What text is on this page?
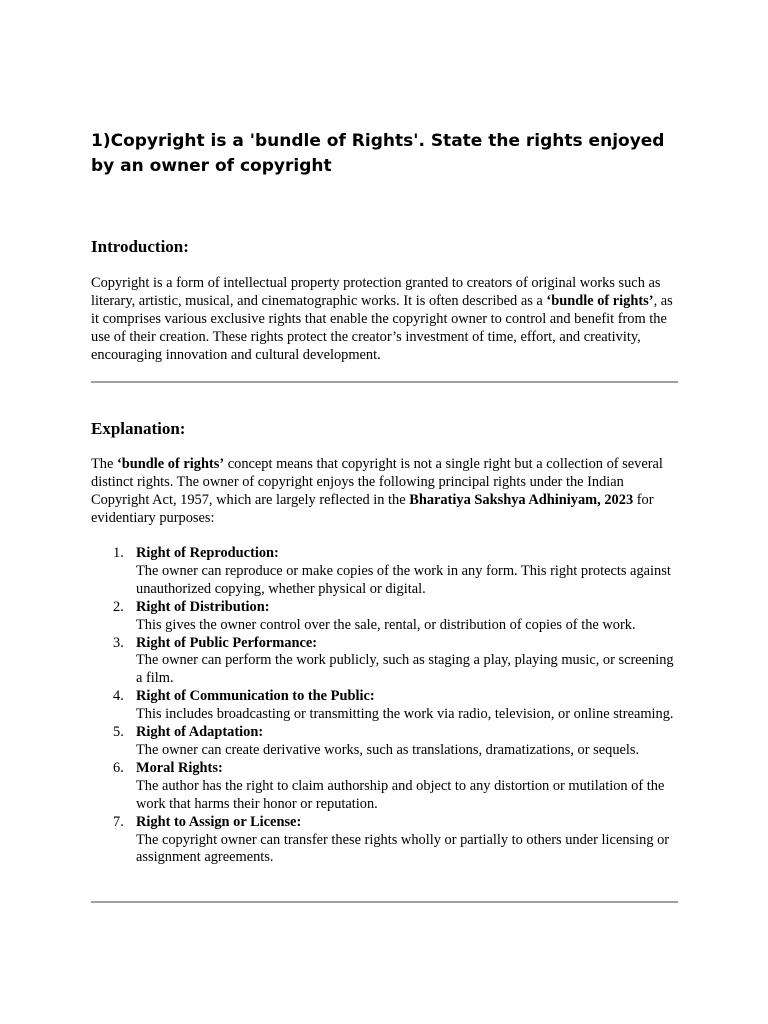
1)Copyright is a 'bundle of Rights'. State the rights enjoyed by an owner of copyright
Introduction:

Copyright is a form of intellectual property protection granted to creators of original works such as literary, artistic, musical, and cinematographic works. It is often described as a ‘bundle of rights’, as it comprises various exclusive rights that enable the copyright owner to control and benefit from the use of their creation. These rights protect the creator’s investment of time, effort, and creativity, encouraging innovation and cultural development.

Explanation:

The ‘bundle of rights’ concept means that copyright is not a single right but a collection of several distinct rights. The owner of copyright enjoys the following principal rights under the Indian Copyright Act, 1957, which are largely reflected in the Bharatiya Sakshya Adhiniyam, 2023 for evidentiary purposes:

1. Right of Reproduction:
The owner can reproduce or make copies of the work in any form. This right protects against unauthorized copying, whether physical or digital.
2. Right of Distribution:
This gives the owner control over the sale, rental, or distribution of copies of the work.
3. Right of Public Performance:
The owner can perform the work publicly, such as staging a play, playing music, or screening a film.
4. Right of Communication to the Public:
This includes broadcasting or transmitting the work via radio, television, or online streaming.
5. Right of Adaptation:
The owner can create derivative works, such as translations, dramatizations, or sequels.
6. Moral Rights:
The author has the right to claim authorship and object to any distortion or mutilation of the work that harms their honor or reputation.
7. Right to Assign or License:
The copyright owner can transfer these rights wholly or partially to others under licensing or assignment agreements.
